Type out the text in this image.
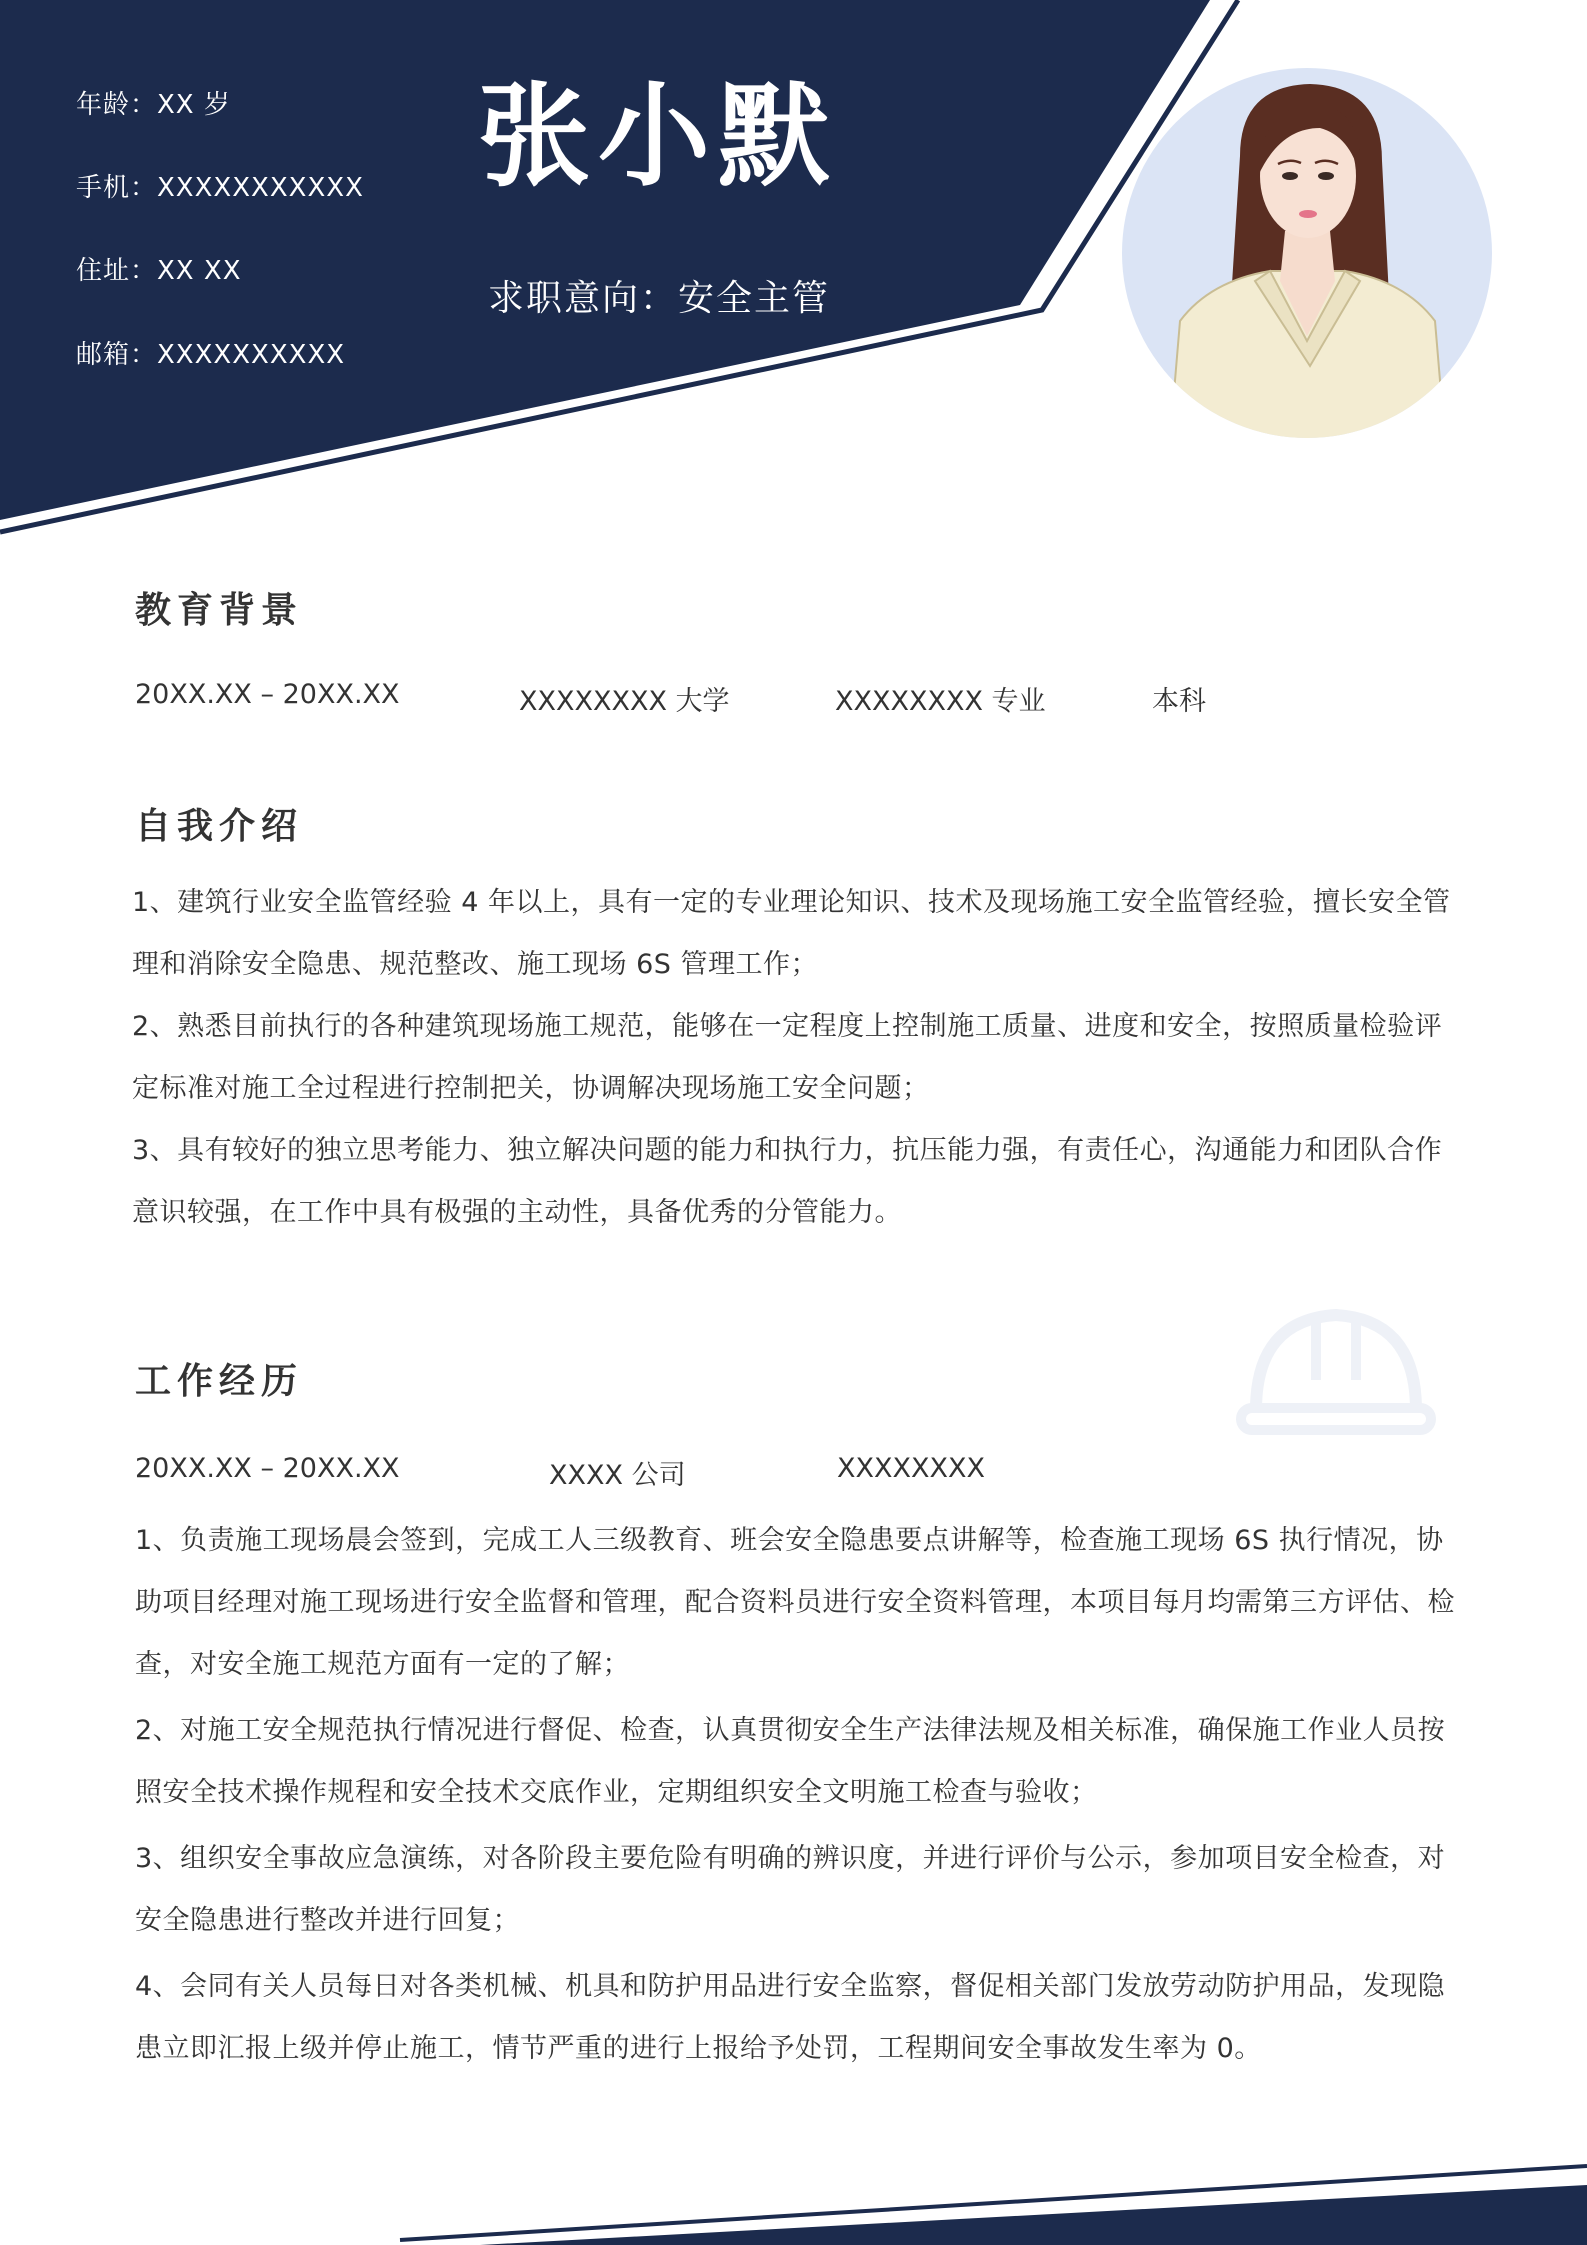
年龄：XX 岁
手机：XXXXXXXXXXX
住址：XX XX
邮箱：XXXXXXXXXX
张小默
求职意向：安全主管
教育背景
20XX.XX – 20XX.XX	XXXXXXXX 大学	XXXXXXXX 专业	本科
自我介绍

1、建筑行业安全监管经验 4 年以上，具有一定的专业理论知识、技术及现场施工安全监管经验，擅长安全管理和消除安全隐患、规范整改、施工现场 6S 管理工作；

2、熟悉目前执行的各种建筑现场施工规范，能够在一定程度上控制施工质量、进度和安全，按照质量检验评定标准对施工全过程进行控制把关，协调解决现场施工安全问题；

3、具有较好的独立思考能力、独立解决问题的能力和执行力，抗压能力强，有责任心，沟通能力和团队合作意识较强，在工作中具有极强的主动性，具备优秀的分管能力。

工作经历
20XX.XX – 20XX.XX	XXXX 公司	XXXXXXXX

1、负责施工现场晨会签到，完成工人三级教育、班会安全隐患要点讲解等，检查施工现场 6S 执行情况，协助项目经理对施工现场进行安全监督和管理，配合资料员进行安全资料管理，本项目每月均需第三方评估、检查，对安全施工规范方面有一定的了解；

2、对施工安全规范执行情况进行督促、检查，认真贯彻安全生产法律法规及相关标准，确保施工作业人员按照安全技术操作规程和安全技术交底作业，定期组织安全文明施工检查与验收；

3、组织安全事故应急演练，对各阶段主要危险有明确的辨识度，并进行评价与公示，参加项目安全检查，对安全隐患进行整改并进行回复；

4、会同有关人员每日对各类机械、机具和防护用品进行安全监察，督促相关部门发放劳动防护用品，发现隐患立即汇报上级并停止施工，情节严重的进行上报给予处罚，工程期间安全事故发生率为 0。
